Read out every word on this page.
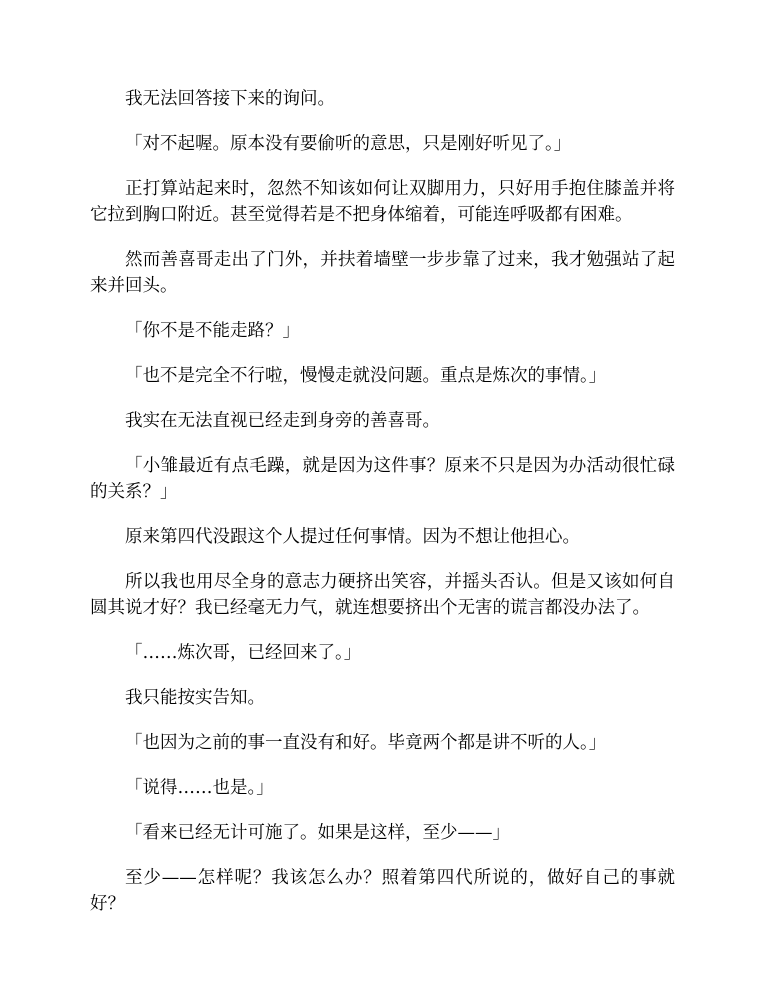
我无法回答接下来的询问。

「对不起喔。原本没有要偷听的意思，只是刚好听见了。」

正打算站起来时，忽然不知该如何让双脚用力，只好用手抱住膝盖并将它拉到胸口附近。甚至觉得若是不把身体缩着，可能连呼吸都有困难。

然而善喜哥走出了门外，并扶着墙壁一步步靠了过来，我才勉强站了起来并回头。

「你不是不能走路？」

「也不是完全不行啦，慢慢走就没问题。重点是炼次的事情。」

我实在无法直视已经走到身旁的善喜哥。

「小雏最近有点毛躁，就是因为这件事？原来不只是因为办活动很忙碌的关系？」

原来第四代没跟这个人提过任何事情。因为不想让他担心。

所以我也用尽全身的意志力硬挤出笑容，并摇头否认。但是又该如何自圆其说才好？我已经毫无力气，就连想要挤出个无害的谎言都没办法了。

「……炼次哥，已经回来了。」

我只能按实告知。

「也因为之前的事一直没有和好。毕竟两个都是讲不听的人。」

「说得……也是。」

「看来已经无计可施了。如果是这样，至少——」

至少——怎样呢？我该怎么办？照着第四代所说的，做好自己的事就好？
